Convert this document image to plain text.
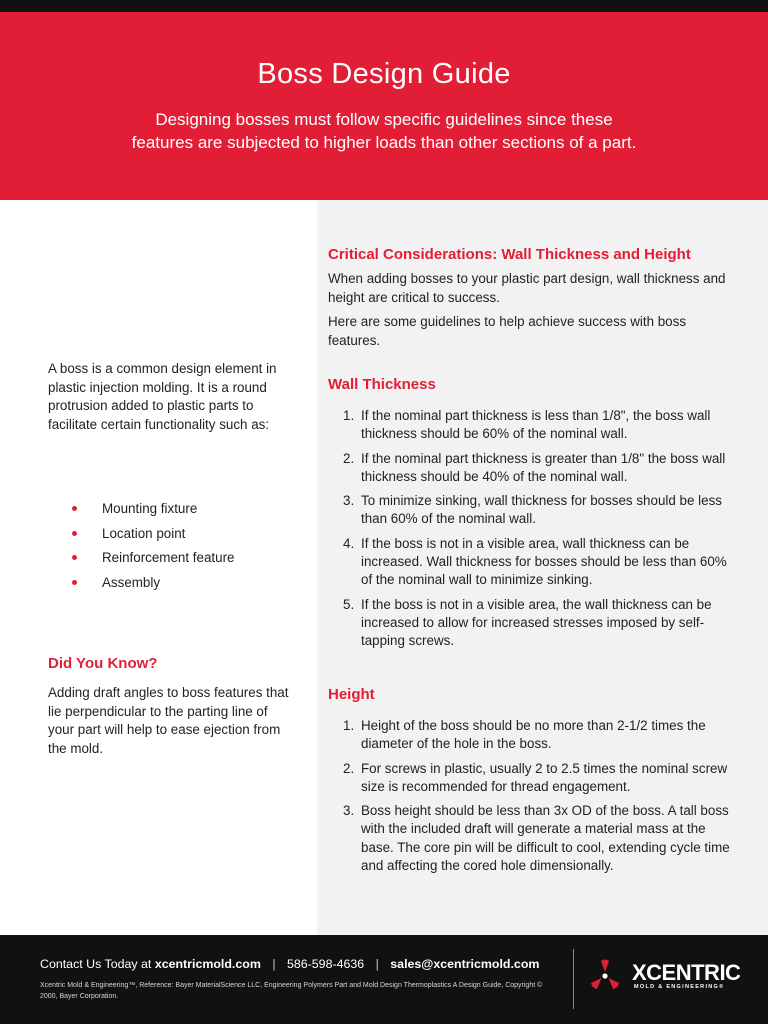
Boss Design Guide

Designing bosses must follow specific guidelines since these features are subjected to higher loads than other sections of a part.

A boss is a common design element in plastic injection molding. It is a round protrusion added to plastic parts to facilitate certain functionality such as:

Mounting fixture
Location point
Reinforcement feature
Assembly
Did You Know?

Adding draft angles to boss features that lie perpendicular to the parting line of your part will help to ease ejection from the mold.

Critical Considerations: Wall Thickness and Height

When adding bosses to your plastic part design, wall thickness and height are critical to success.

Here are some guidelines to help achieve success with boss features.

Wall Thickness
1. If the nominal part thickness is less than 1/8", the boss wall thickness should be 60% of the nominal wall.
2. If the nominal part thickness is greater than 1/8" the boss wall thickness should be 40% of the nominal wall.
3. To minimize sinking, wall thickness for bosses should be less than 60% of the nominal wall.
4. If the boss is not in a visible area, wall thickness can be increased. Wall thickness for bosses should be less than 60% of the nominal wall to minimize sinking.
5. If the boss is not in a visible area, the wall thickness can be increased to allow for increased stresses imposed by self-tapping screws.
Height
1. Height of the boss should be no more than 2-1/2 times the diameter of the hole in the boss.
2. For screws in plastic, usually 2 to 2.5 times the nominal screw size is recommended for thread engagement.
3. Boss height should be less than 3x OD of the boss. A tall boss with the included draft will generate a material mass at the base. The core pin will be difficult to cool, extending cycle time and affecting the cored hole dimensionally.
Contact Us Today at xcentricmold.com | 586-598-4636 | sales@xcentricmold.com

Xcentric Mold & Engineering™, Reference: Bayer MaterialScience LLC, Engineering Polymers Part and Mold Design Thermoplastics A Design Guide, Copyright © 2000, Bayer Corporation.

XCENTRIC
MOLD & ENGINEERING®
